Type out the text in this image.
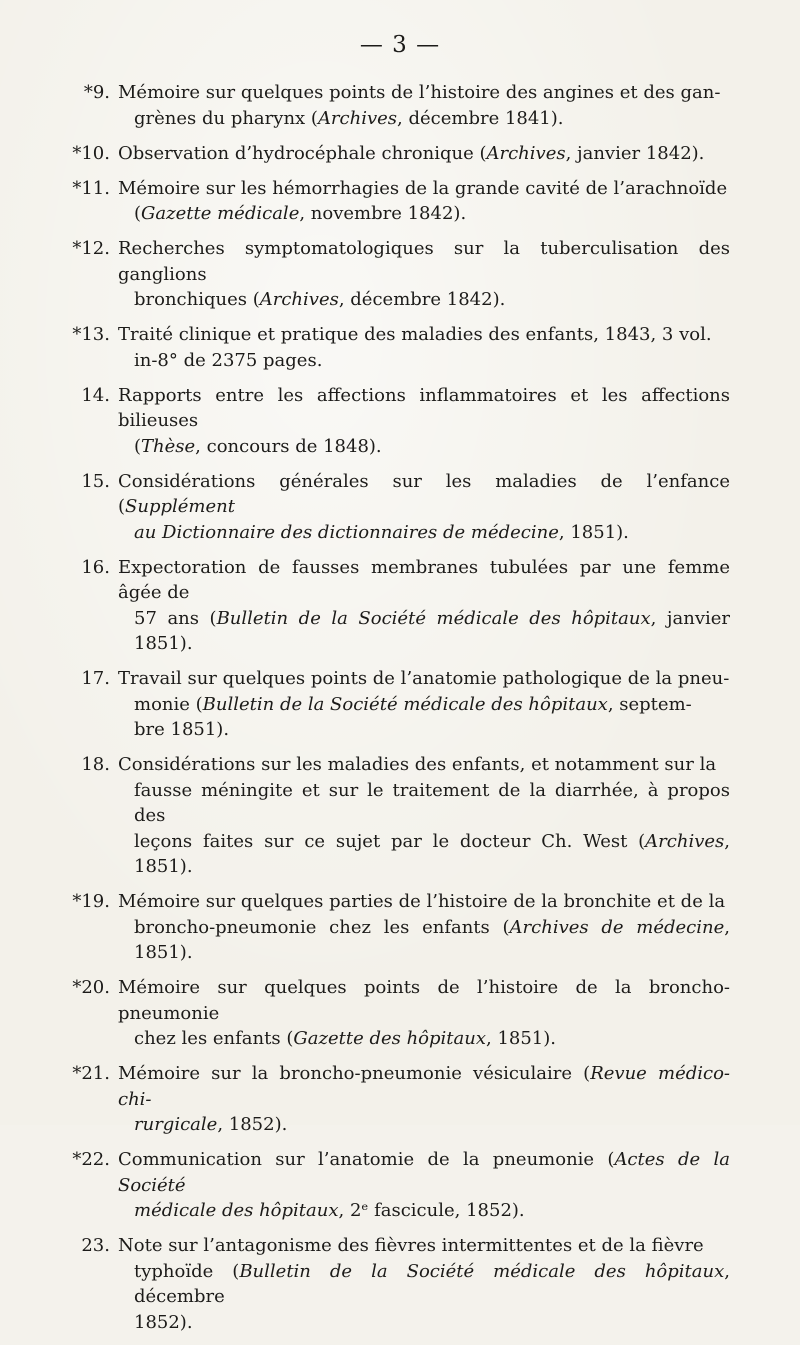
— 3 —
*9. Mémoire sur quelques points de l’histoire des angines et des gan-
grènes du pharynx (Archives, décembre 1841).
*10. Observation d’hydrocéphale chronique (Archives, janvier 1842).
*11. Mémoire sur les hémorrhagies de la grande cavité de l’arachnoïde
(Gazette médicale, novembre 1842).
*12. Recherches symptomatologiques sur la tuberculisation des ganglions
bronchiques (Archives, décembre 1842).
*13. Traité clinique et pratique des maladies des enfants, 1843, 3 vol.
in-8° de 2375 pages.
14. Rapports entre les affections inflammatoires et les affections bilieuses
(Thèse, concours de 1848).
15. Considérations générales sur les maladies de l’enfance (Supplément
au Dictionnaire des dictionnaires de médecine, 1851).
16. Expectoration de fausses membranes tubulées par une femme âgée de
57 ans (Bulletin de la Société médicale des hôpitaux, janvier 1851).
17. Travail sur quelques points de l’anatomie pathologique de la pneu-
monie (Bulletin de la Société médicale des hôpitaux, septem-
bre 1851).
18. Considérations sur les maladies des enfants, et notamment sur la
fausse méningite et sur le traitement de la diarrhée, à propos des
leçons faites sur ce sujet par le docteur Ch. West (Archives, 1851).
*19. Mémoire sur quelques parties de l’histoire de la bronchite et de la
broncho-pneumonie chez les enfants (Archives de médecine, 1851).
*20. Mémoire sur quelques points de l’histoire de la broncho-pneumonie
chez les enfants (Gazette des hôpitaux, 1851).
*21. Mémoire sur la broncho-pneumonie vésiculaire (Revue médico-chi-
rurgicale, 1852).
*22. Communication sur l’anatomie de la pneumonie (Actes de la Société
médicale des hôpitaux, 2ᵉ fascicule, 1852).
23. Note sur l’antagonisme des fièvres intermittentes et de la fièvre
typhoïde (Bulletin de la Société médicale des hôpitaux, décembre
1852).
